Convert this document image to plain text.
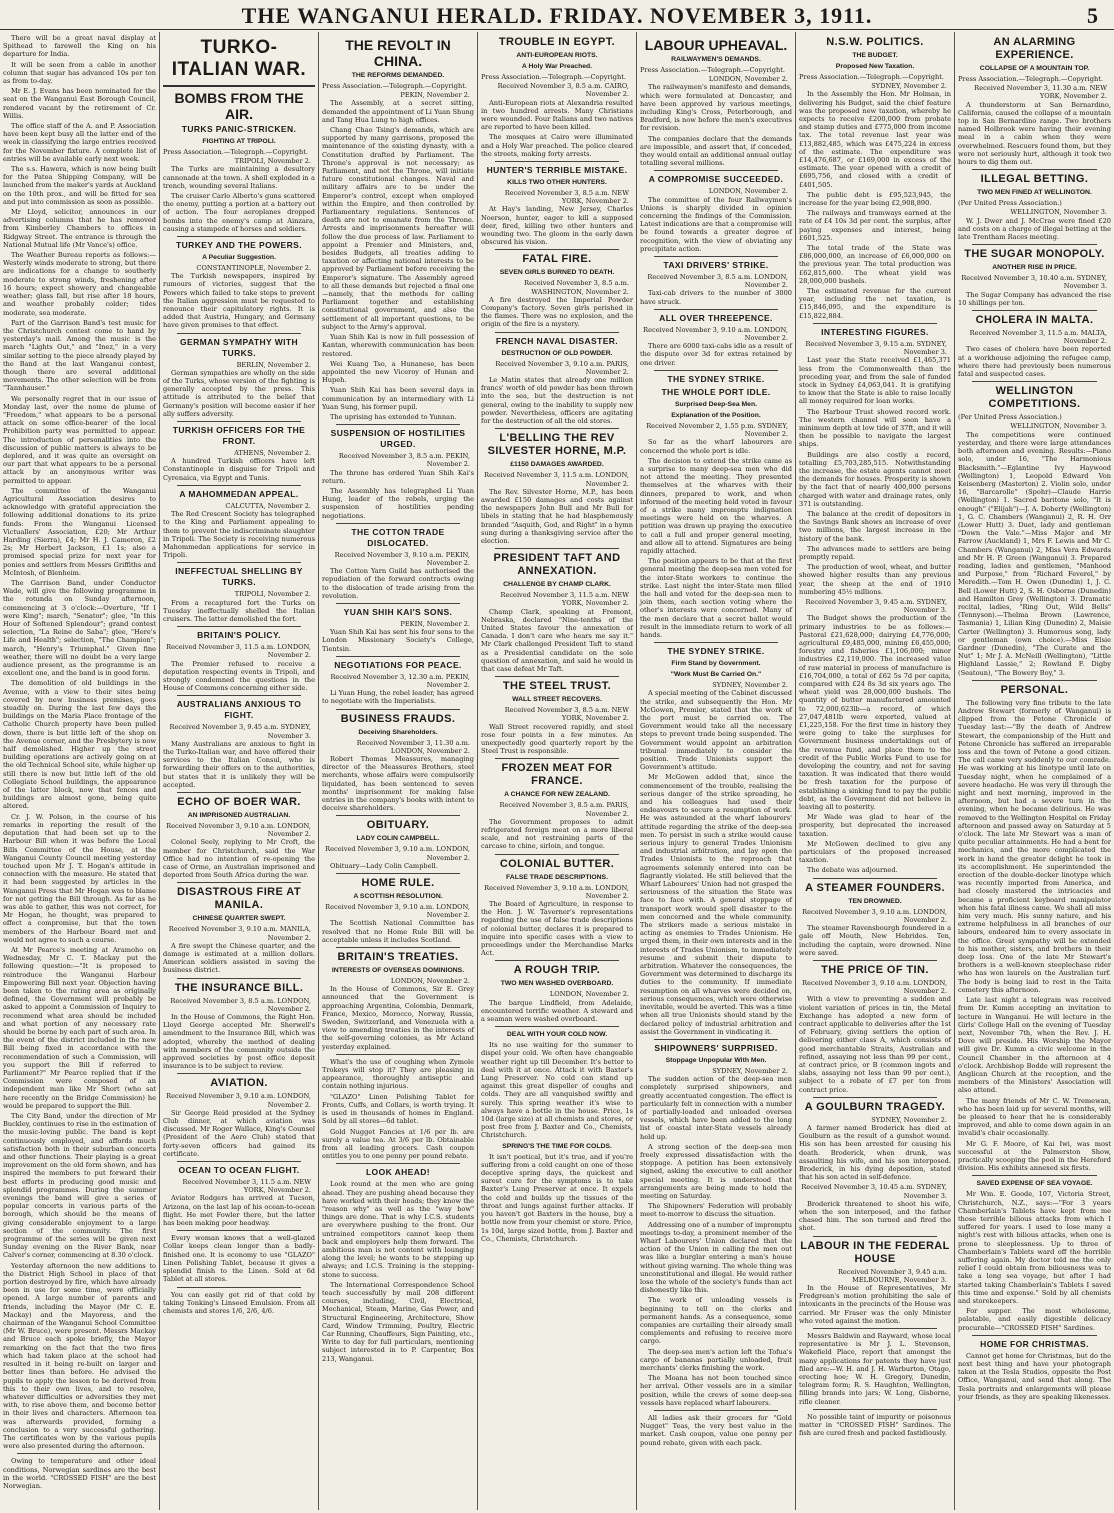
THE WANGANUI HERALD. FRIDAY. NOVEMBER 3, 1911.	5

There will be a great naval display at Spithead to farewell the King on his departure for India.

It will be seen from a cable in another column that sugar has advanced 10s per ton as from to-day.

Mr E. J. Evans has been nominated for the seat on the Wanganui East Borough Council, rendered vacant by the retirement of Cr. Willis.

The office staff of the A. and P. Association have been kept busy all the latter end of the week in classifying the large entries received for the November fixture. A complete list of entries will be available early next week.

The s.s. Hawera, which is now being built for the Patea Shipping Company, will be launched from the maker's yards at Auckland on the 10th prox., and will be fitted for sea and put into commission as soon as possible.

Mr Lloyd, solicitor, announces in our advertising columns that he has removed from Kimberley Chambers to offices in Ridgway Street. The entrance is through the National Mutual life (Mr Vance's) office.

The Weather Bureau reports as follows:—Westerly winds moderate to strong, but there are indications for a change to southerly moderate to strong winds, freshening after 16 hours; expect showery and changeable weather; glass fall, but rise after 18 hours, and weather probably colder; tides moderate, sea moderate.

Part of the Garrison Band's test music for the Christchurch contest come to hand by yesterday's mail. Among the music is the march "Lights Out," and "Inez," in a very similar setting to the piece already played by the Band at the last Wanganui contest, though there are several additional movements. The other selection will be from "Tannhauser."

We personally regret that in our issue of Monday last, over the nome de plume of "Freedom," what appears to be a personal attack on some office-bearer of the local Prohibition party was permitted to appear. The introduction of personalities into the discussion of public matters is always to be deplored, and it was quite an oversight on our part that what appears to be a personal attack by an anonymous writer was permitted to appear.

The committee of the Wanganui Agricultural Association desires to acknowledge with grateful appreciation the following additional donations to its prize funds: From the Wanganui Licensed Victuallers' Association, £20; Mr Arthur Harding (Sierra), £4; Mr H. J. Cameron, £2 2s; Mr Herbert Jackson, £1 1s; also a promised special prize for next year for ponies and settlers from Messrs Griffiths and McIntosh, of Blenheim.

The Garrison Band, under Conductor Wade, will give the following programme in the rotunda on Sunday afternoon, commencing at 3 o'clock:—Overture, "If I were King"; march, "Senator"; glee, "In this Hour of Softened Splendour"; grand contest selection, "La Reine de Saba"; glee, "Here's Life and Health"; selection, "The Champion"; march, "Henry's Triumphal." Given fine weather, there will no doubt be a very large audience present, as the programme is an excellent one, and the band is in good form.

The demolition of old buildings in the Avenue, with a view to their sites being covered by new business premises, goes steadily on. During the last few days the buildings on the Maria Place frontage of the Catholic Church property have been pulled down, there is but little left of the shop on the Avenue corner, and the Presbytery is now half demolished. Higher up the street building operations are actively going on at the old Technical School site, while higher up still there is now but little left of the old Collegiate School buildings, the appearance of the latter block, now that fences and buildings are almost gone, being quite altered.

Cr. J. W. Polson, in the course of his remarks in reporting the result of the deputation that had been set up to the Harbour Bill when it was before the Local Bills Committee of the House, at the Wanganui County Council meeting yesterday touched upon Mr J. T. Hogan's attitude in connection with the measure. He stated that it had been suggested by articles in the Wanganui Press that Mr Hogan was to blame for not getting the Bill through. As far as he was able to gather, this was not correct, for Mr Hogan, he thought, was prepared to effect a compromise, but that the town members of the Harbour Board met and would not agree to such a course.

At Mr Pearce's meeting at Aramoho on Wednesday, Mr C. T. Mackay put the following question:—"It is proposed to reintroduce the Wanganui Harbour Empowering Bill next year. Objection having been taken to the rating area as originally defined, the Government will probably be asked to appoint a Commission of Inquiry to recommend what area should be included and what portion of any necessary rate should be borne by each part of such area. In the event of the district included in the new Bill being fixed in accordance with the recommendation of such a Commission, will you support the Bill if referred to Parliament?" Mr Pearce replied that if the Commission were composed of an independent man like Mr Short (who sat here recently on the Bridge Commission) he would be prepared to support the Bill.

The City Band, under the direction of Mr Buckley, continues to rise in the estimation of the music-loving public. The band is kept continuously employed, and affords much satisfaction both in their suburban concerts and other functions. Their playing is a great improvement on the old form shown, and has inspired the members to put forward their best efforts in producing good music and splendid programmes. During the summer evenings the band will give a series of popular concerts in various parts of the borough, which should be the means of giving considerable enjoyment to a large section of the community. The first programme of the series will be given next Sunday evening on the River Bank, near Calver's corner, commencing at 8.30 o'clock.

Yesterday afternoon the new additions to the District High School in place of that portion destroyed by fire, which have already been in use for some time, were officially opened. A large number of parents and friends, including the Mayor (Mr C. E. Mackay) and the Mayoress, and the chairman of the Wanganui School Committee (Mr W. Bruce), were present. Messrs Mackay and Bruce each spoke briefly, the Mayor remarking on the fact that the two fires which had taken place at the school had resulted in it being re-built on larger and better lines than before. He advised the pupils to apply the lesson to be derived from this to their own lives, and to resolve, whatever difficulties or adversities they met with, to rise above them, and become better in their lives and characters. Afternoon tea was afterwards provided, forming a conclusion to a very successful gathering. The certificates won by the various pupils were also presented during the afternoon.

Owing to temperature and other ideal conditions, Norwegian sardines are the best in the world. "CROSSED FISH" are the best Norwegian.

TURKO-ITALIAN WAR.
BOMBS FROM THE AIR.
TURKS PANIC-STRICKEN.
FIGHTING AT TRIPOLI.

Press Association.—Telegraph.—Copyright.

TRIPOLI, November 2.

The Turks are maintaining a desultory cannonade at the town. A shell exploded in a trench, wounding several Italians.

The cruiser Carlo Alberto's guns scattered the enemy, putting a portion at a battery out of action. The four aeroplanes dropped bombs into the enemy's camp at Ainzara, causing a stampede of horses and soldiers.

TURKEY AND THE POWERS.
A Peculiar Suggestion.

CONSTANTINOPLE, November 2.

The Turkish newspapers, inspired by rumours of victories, suggest that the Powers which failed to take steps to prevent the Italian aggression must be requested to renounce their capitulatory rights. It is added that Austria, Hungary, and Germany have given promises to that effect.

GERMAN SYMPATHY WITH TURKS.

BERLIN, November 2.

German sympathies are wholly on the side of the Turks, whose version of the fighting is generally accepted by the press. This attitude is attributed to the belief that Germany's position will become easier if her ally suffers adversity.

TURKISH OFFICERS FOR THE FRONT.

ATHENS, November 2.

A hundred Turkish officers have left Constantinople in disguise for Tripoli and Cyrenaica, via Egypt and Tunis.

A MAHOMMEDAN APPEAL.

CALCUTTA, November 2.

The Red Crescent Society has telegraphed to the King and Parliament appealing to them to prevent the indiscriminate slaughter in Tripoli. The Society is receiving numerous Mahommedan applications for service in Tripoli.

INEFFECTUAL SHELLING BY TURKS.

TRIPOLI, November 2.

From a recaptured fort the Turks on Tuesday ineffectually shelled the Italian cruisers. The latter demolished the fort.

BRITAIN'S POLICY.

Received November 3, 11.5 a.m. LONDON, November 2.

The Premier refused to receive a deputation respecting events in Tripoli, and strongly condemned the questions in the House of Commons concerning either side.

AUSTRALIANS ANXIOUS TO FIGHT.

Received November 3, 9.45 a.m. SYDNEY, November 3.

Many Australians are anxious to fight in the Turko-Italian war, and have offered their services to the Italian Consul, who is forwarding their offers on to the authorities, but states that it is unlikely they will be accepted.

ECHO OF BOER WAR.
AN IMPRISONED AUSTRALIAN.

Received November 3, 9.10 a.m. LONDON, November 2.

Colonel Seely, replying to Mr Croft, the member for Christchurch, said the War Office had no intention of re-opening the case of Orme, an Australian imprisoned and deported from South Africa during the war.

DISASTROUS FIRE AT MANILA.
CHINESE QUARTER SWEPT.

Received November 3, 9.10 a.m. MANILA, November 2.

A fire swept the Chinese quarter, and the damage is estimated at a million dollars. American soldiers assisted in saving the business district.

THE INSURANCE BILL.

Received November 3, 8.5 a.m. LONDON, November 2.

In the House of Commons, the Right Hon. Lloyd George accepted Mr. Sherwell's amendment to the Insurance Bill, which was adopted, whereby the method of dealing with members of the community outside the approved societies by post office deposit insurance is to be subject to review.

AVIATION.

Received November 3, 9.10 a.m. LONDON, November 2.

Sir George Reid presided at the Sydney Club dinner, at which aviation was discussed. Mr Roger Wallace, King's Counsel (President of the Aero Club) stated that forty-seven officers had gained its certificate.

OCEAN TO OCEAN FLIGHT.

Received November 3, 11.5 a.m. NEW YORK, November 2.

Aviator Rodgers has arrived at Tucson, Arizona, on the last lap of his ocean-to-ocean flight. He met Fowler there, but the latter has been making poor headway.

Every woman knows that a well-glazed Collar keeps clean longer than a badly-finished one. It is economy to use "GLAZO" Linen Polishing Tablet, because it gives a splendid finish to the Linen. Sold at 6d Tablet at all stores.

You can easily get rid of that cold by taking Tonking's Linseed Emulsion. From all chemists and stores 1/6, 2/6, 4/6.

THE REVOLT IN CHINA.
THE REFORMS DEMANDED.

Press Association.—Telegraph.—Copyright.

PEKIN, November 2.

The Assembly, at a secret sitting, demanded the appointment of Li Yuan Shung and Tang Hua Lung to high offices.

Chang Chao Tsing's demands, which are supported by many garrisons, proposed the maintenance of the existing dynasty, with a Constitution drafted by Parliament. The Throne's approval is not necessary; as Parliament, and not the Throne, will initiate future constitutional changes. Naval and military affairs are to be under the Emperor's control, except when employed within the Empire, and then controlled by Parliamentary regulations. Sentences of death are not to emanate from the Throne. Arrests and imprisonments hereafter will follow the due process of law. Parliament to appoint a Premier and Ministers, and, besides Budgets, all treaties adding to taxation or affecting national interests to be approved by Parliament before receiving the Emperor's signature. The Assembly agreed to all these demands but rejected a final one—namely, that the methods for calling Parliament together and establishing constitutional government, and also the settlement of all important questions, to be subject to the Army's approval.

Yuan Shih Kai is now in full possession of Kantan, wherewith communication has been restored.

Wei Kuang Tso, a Hunanese, has been appointed the new Viceroy of Hunan and Hupeh.

Yuan Shih Kai has been several days in communication by an intermediary with Li Yuan Sung, his former pupil.

The uprising has extended to Yunnan.

SUSPENSION OF HOSTILITIES URGED.

Received November 3, 8.5 a.m. PEKIN, November 2.

The throne has ordered Yuan Shih Kai's return.

The Assembly has telegraphed Li Yuan Hung, leader of the rebels, urging the suspension of hostilities pending negotiations.

THE COTTON TRADE DISLOCATED.

Received November 3, 9.10 a.m. PEKIN, November 2.

The Cotton Yarn Guild has authorised the repudiation of the forward contracts owing to the dislocation of trade arising from the revolution.

YUAN SHIH KAI'S SONS.

PEKIN, November 2.

Yuan Shih Kai has sent his four sons to the London Missionary Society's College, Tientsin.

NEGOTIATIONS FOR PEACE.

Received November 3, 12.30 a.m. PEKIN, November 2.

Li Yuan Hung, the rebel leader, has agreed to negotiate with the Imperialists.

BUSINESS FRAUDS.
Deceiving Shareholders.

Received November 3, 11.30 a.m. LONDON, November 2.

Robert Thomas Meassures, managing director of the Meassures Brothers, steel merchants, whose affairs were compulsorily liquidated, has been sentenced to seven months' imprisonment for making false entries in the company's books with intent to deceive shareholders.

OBITUARY.
LADY COLIN CAMPBELL.

Received November 3, 9.10 a.m. LONDON, November 2.

Obituary—Lady Colin Campbell.

HOME RULE.
A SCOTTISH RESOLUTION.

Received November 3, 9.10 a.m. LONDON, November 2.

The Scottish National Committee has resolved that no Home Rule Bill will be acceptable unless it includes Scotland.

BRITAIN'S TREATIES.
INTERESTS OF OVERSEAS DOMINIONS.

LONDON, November 2.

In the House of Commons, Sir E. Grey announced that the Government is approaching Argentina, Colombia, Denmark, France, Mexico, Morocco, Norway, Russia, Sweden, Switzerland, and Venezuela with a view to amending treaties in the interests of the self-governing colonies, as Mr Acland yesterday explained.

What's the use of coughing when Zymole Trokeys will stop it? They are pleasing in appearance, thoroughly antiseptic and contain nothing injurious.

"GLAZO" Linen Polishing Tablet for Fronts, Cuffs, and Collars, is worth trying. It is used in thousands of homes in England. Sold by all stores—6d tablet.

Gold Nugget Fancies at 1/6 per lb. are surely a value tea. At 3/6 per lb. Obtainable from all leading grocers. Cash coupon entitles you to one penny per pound rebate.

LOOK AHEAD!

Look round at the men who are going ahead. They are pushing ahead because they have worked with their heads; they know the "reason why" as well as the "way how" things are done. That is why I.C.S. students are everywhere pushing to the front. Our untrained competitors cannot keep them back and employers help them forward. The ambitious man is not content with lounging along the level; he wants to be stepping up always; and I.C.S. Training is the stepping-stone to success.

The International Correspondence School teach successfully by mail 208 different courses, including, Civil, Electrical, Mechanical, Steam, Marine, Gas Power, and Structural Engineering, Architecture, Show Card, Window Trimming, Poultry, Electric Car Running, Chauffeurs, Sign Painting, etc., Write to day for full particulars, mentioning subject interested in to P. Carpenter, Box 213, Wanganui.

TROUBLE IN EGYPT.
ANTI-EUROPEAN RIOTS.
A Holy War Preached.

Press Association.—Telegraph.—Copyright.

Received November 3, 8.5 a.m. CAIRO, November 2.

Anti-European riots at Alexandria resulted in two hundred arrests. Many Christians were wounded. Four Italians and two natives are reported to have been killed.

The mosques at Cairo were illuminated and a Holy War preached. The police cleared the streets, making forty arrests.

HUNTER'S TERRIBLE MISTAKE.
KILLS TWO OTHER HUNTERS.

Received November 3, 8.5 a.m. NEW YORK, November 2.

At Hay's landing, New Jersey, Charles Noerson, hunter, eager to kill a supposed deer, fired, killing two other hunters and wounding two. The gloom in the early dawn obscured his vision.

FATAL FIRE.
SEVEN GIRLS BURNED TO DEATH.

Received November 3, 8.5 a.m. WASHINGTON, November 2.

A fire destroyed the Imperial Powder Company's factory. Seven girls perished in the flames. There was no explosion, and the origin of the fire is a mystery.

FRENCH NAVAL DISASTER.
DESTRUCTION OF OLD POWDER.

Received November 3, 9.10 a.m. PARIS, November 2.

Le Matin states that already one million francs' worth of old powder has been thrown into the sea, but the destruction is not general, owing to the inability to supply new powder. Nevertheless, officers are agitating for the destruction of all the old stores.

L'BELLING THE REV SILVESTER HORNE, M.P.
£1150 DAMAGES AWARDED.

Received November 3, 11.5 a.m. LONDON, November 2.

The Rev. Silvester Horne, M.P., has been awarded £150 damages and costs against the newspapers John Bull and Mr Bull for libels in stating that he had blasphemously branded "Asquith, God, and Right" in a hymn sung during a thanksgiving service after the election.

PRESIDENT TAFT AND ANNEXATION.
CHALLENGE BY CHAMP CLARK.

Received November 3, 11.5 a.m. NEW YORK, November 2.

Champ Clark, speaking at Fremont, Nebraska, declared "Nine-tenths of the United States favour the annexation of Canada. I don't care who hears me say it." Mr Clark challenged President Taft to stand as a Presidential candidate on the sole question of annexation, and said he would in that case defeat Mr Taft.

THE STEEL TRUST.
WALL STREET RECOVERS.

Received November 3, 8.5 a.m. NEW YORK, November 2.

Wall Street recovered rapidly, and steel rose four points in a few minutes. An unexpectedly good quarterly report by the Steel Trust is responsible.

FROZEN MEAT FOR FRANCE.
A CHANCE FOR NEW ZEALAND.

Received November 3, 8.5 a.m. PARIS, November 2.

The Government proposes to admit refrigerated foreign meat on a more liberal scale, and not restraining parts of the carcase to chine, sirloin, and tongue.

COLONIAL BUTTER.
FALSE TRADE DESCRIPTIONS.

Received November 3, 9.10 a.m. LONDON, November 2.

The Board of Agriculture, in response to the Hon. J. W. Taverner's representations regarding the use of false trade descriptions of colonial butter, declares it is prepared to inquire into specific cases with a view to proceedings under the Merchandise Marks Act.

A ROUGH TRIP.
TWO MEN WASHED OVERBOARD.

LONDON, November 2.

The barque Lindfield, from Adelaide, encountered terrific weather. A steward and a seaman were washed overboard.

DEAL WITH YOUR COLD NOW.

Its no use waiting for the summer to dispel your cold. We often have changeable weather right up till December. It's better to deal with it at once. Attack it with Baxter's Lung Preserver. No cold can stand up against this great dispeller of coughs and colds. They are all vanquished swiftly and surely. This spring weather it's wise to always have a bottle in the house. Price, 1s 10d (large size) at all chemists and stores, or post free from J. Baxter and Co., Chemists, Christchurch.

SPRING'S THE TIME FOR COLDS.

It isn't poetical, but it's true, and if you're suffering from a cold caught on one of those deceptive spring days, the quickest and surest cure for the symptoms is to take Baxter's Lung Preserver at once. It expels the cold and builds up the tissues of the throat and lungs against further attacks. If you haven't got Baxters in the house, buy a bottle now from your chemist or store. Price, 1s 10d, large sized bottle, from J. Baxter and Co., Chemists, Christchurch.

LABOUR UPHEAVAL.
RAILWAYMEN'S DEMANDS.

Press Association.—Telegraph.—Copyright.

LONDON, November 2.

The railwaymen's manifesto and demands, which were formulated at Doncaster, and have been approved by various meetings, including King's Cross, Peterborough, and Bradford, is now before the men's executives for revision.

The companies declare that the demands are impossible, and assert that, if conceded, they would entail an additional annual outlay totalling several millions.

A COMPROMISE SUCCEEDED.

LONDON, November 2.

The committee of the four Railwaymen's Unions is sharply divided in opinion concerning the findings of the Commission. Latest indications are that a compromise will be found towards a greater degree of recognition, with the view of obviating any precipitate action.

TAXI DRIVERS' STRIKE.

Received November 3, 8.5 a.m. LONDON, November 2.

Taxi-cab drivers to the number of 3000 have struck.

ALL OVER THREEPENCE.

Received November 3, 9.10 a.m. LONDON, November 2.

There are 6000 taxi-cabs idle as a result of the dispute over 3d for extras retained by one driver.

THE SYDNEY STRIKE.
THE WHOLE PORT IDLE.
Surprised Deep-Sea Men.
Explanation of the Position.

Received November 2, 1.55 p.m. SYDNEY, November 2.

So far as the wharf labourers are concerned the whole port is idle.

The decision to extend the strike came as a surprise to many deep-sea men who did not attend the meeting. They presented themselves at the wharves with their dinners, prepared to work, and when informed of the meeting held voted in favour of a strike many impromptu indignation meetings were held on the wharves. A petition was drawn up praying the executive to call a full and proper general meeting, and allow all to attend. Signatures are being rapidly attached.

The position appears to be that at the first general meeting the deep-sea men voted for the inter-State workers to continue the strike. Last night the inter-State men filled the hall and voted for the deep-sea men to join them, each section voting where the other's interests were concerned. Many of the men declare that a secret ballot would result in the immediate return to work of all hands.

THE SYDNEY STRIKE.
Firm Stand by Government.
"Work Must Be Carried On."

SYDNEY, November 2.

A special meeting of the Cabinet discussed the strike, and subsequently the Hon. Mr McGowen, Premier, stated that the work of the port must be carried on. The Government would take all the necessary steps to prevent trade being suspended. The Government would appoint an arbitration tribunal immediately to consider the position. Trade Unionists support the Government's attitude.

Mr McGowen added that, since the commencement of the trouble, realising the serious danger of the strike spreading, he and his colleagues had used their endeavours to secure a resumption of work. He was astounded at the wharf labourers' attitude regarding the strike of the deep-sea men. To persist in such a strike would cause serious injury to general Trades Unionism and industrial arbitration, and lay open the Trades Unionists to the reproach that agreements solemnly entered into can be flagrantly violated. He still believed that the Wharf Labourers' Union had not grasped the seriousness of the situation the State was face to face with. A general stoppage of transport work would spell disaster to the men concerned and the whole community. The strikers made a serious mistake in acting as enemies to Trades Unionism. He urged them, in their own interests and in the interests of Trades Unionism, to immediately resume and submit their dispute to arbitration. Whatever the consequences, the Government was determined to discharge its duties to the community. If immediate resumption on all wharves were decided on, serious consequences, which were otherwise inevitable, would be averted. This was a time when all true Unionists should stand by the declared policy of industrial arbitration and assist the Government in vindicating it.

SHIPOWNERS' SURPRISED.
Stoppage Unpopular With Men.

SYDNEY, November 2.

The sudden action of the deep-sea men completely surprised shipowners, and greatly accentuated congestion. The effect is particularly felt in connection with a number of partially-loaded and unloaded oversea vessels, which have been added to the long list of coastal inter-State vessels already held up.

A strong section of the deep-sea men freely expressed dissatisfaction with the stoppage. A petition has been extensively signed, asking the executive to call another special meeting. It is understood that arrangements are being made to hold the meeting on Saturday.

The Shipowners' Federation will probably meet to-morrow to discuss the situation.

Addressing one of a number of impromptu meetings to-day, a prominent member of the Wharf Labourers' Union declared that the action of the Union in calling the men out was like a burglar entering a man's house without giving warning. The whole thing was unconstitutional and illegal. He would rather lose the whole of the society's funds than act dishonestly like this.

The work of unloading vessels is beginning to tell on the clerks and permanent hands. As a consequence, some companies are curtailing their already small complements and refusing to receive more cargo.

The deep-sea men's action left the Tofua's cargo of bananas partially unloaded, fruit merchants' clerks finishing the work.

The Moana has not been touched since her arrival. Other vessels are in a similar position, while the crews of some deep-sea vessels have replaced wharf labourers.

All ladies ask their grocers for "Gold Nugget" Teas, the very best value in the market. Cash coupon, value one penny per pound rebate, given with each pack.

N.S.W. POLITICS.
THE BUDGET.
Proposed New Taxation.

Press Association.—Telegraph.—Copyright.

SYDNEY, November 2.

In the Assembly the Hon. Mr Holman, in delivering his Budget, said the chief feature was the proposed new taxation, whereby he expects to receive £200,000 from probate and stamp duties and £775,000 from income tax. The total revenue last year was £13,882,485, which was £475,224 in excess of the estimate. The expenditure was £14,476,687, or £169,000 in excess of the estimate. The year opened with a credit of £695,756, and closed with a credit of £401,505.

The public debt is £95,523,945, the increase for the year being £2,908,890.

The railways and tramways earned at the rate of £4 10s 3d per cent. the surplus, after paying expenses and interest, being £601,525.

The total trade of the State was £86,000,000, an increase of £6,000,000 on the previous year. The total production was £62,815,600. The wheat yield was 28,000,000 bushels.

The estimated revenue for the current year, including the net taxation, is £15,846,095, and the expenditure is £15,822,884.

INTERESTING FIGURES.

Received November 3, 9.15 a.m. SYDNEY, November 3.

Last year the State received £1,465,371 less from the Commonwealth than the preceding year, and from the sale of funded stock in Sydney £4,063,041. It is gratifying to know that the State is able to raise locally all money required for loan works.

The Harbour Trust showed record work. The western channel will soon have a minimum depth at low tide of 37ft, and it will then be possible to navigate the largest ships.

Buildings are also costly a record, totalling £5,703,285,515. Notwithstanding the increase, the estate agents cannot meet the demands for houses. Prosperity is shown by the fact that of nearly 400,000 persons charged with water and drainage rates, only 371 is outstanding.

The balance at the credit of depositors in the Savings Bank shows an increase of over two millions, the largest increase in the history of the bank.

The advances made to settlers are being promptly repaid.

The production of wool, wheat, and butter showed higher results than any previous year, the sheep at the end of 1910 numbering 45½ millions.

Received November 3, 9.45 a.m. SYDNEY, November 3.

The Budget shows the production of the primary industries to be as follows:—Pastoral £21,628,000; dairying £4,776,000; agricultural £9,485,000, mining £6,455,000; forestry and fisheries £1,106,000; minor industries £2,119,000. The increased value of raw material in process of manufacture is £16,704,000, a total of £62 5s 7d per capita, compared with £24 8s 3d six years ago. The wheat yield was 28,000,000 bushels. The quantity of butter manufactured amounted to 72,000,623lb—a record, of which 27,047,481lb were exported, valued at £1,225,158. For the first time in history they were going to take the surpluses for Government business undertakings out of the revenue fund, and place them to the credit of the Public Works Fund to use for developing the country, and not for saving taxation. It was indicated that there would be fresh taxation for the purpose of establishing a sinking fund to pay the public debt, as the Government did not believe in leaving all to posterity.

Mr Wade was glad to hear of the prosperity, but deprecated the increased taxation.

Mr McGowen declined to give any particulars of the proposed increased taxation.

The debate was adjourned.

A STEAMER FOUNDERS.
TEN DROWNED.

Received November 3, 9.10 a.m. LONDON, November 2.

The steamer Ravensbourgh foundered in a gale off Mouth, New Hebrides. Ten, including the captain, were drowned. Nine were saved.

THE PRICE OF TIN.

Received November 3, 9.10 a.m. LONDON, November 2.

With a view to preventing a sudden and violent variation of prices in tin, the Metal Exchange has adopted a new form of contract applicable to deliveries after the 1st of February, giving settlers the option of delivering either class A, which consists of good merchantable Straits, Australian and refined, assaying not less than 99 per cent., at contract price, or B (common ingots and slabs, assaying not less than 99 per cent.), subject to a rebate of £7 per ton from contract price.

A GOULBURN TRAGEDY.

SYDNEY, November 2.

A farmer named Broderick has died at Goulburn as the result of a gunshot wound. His son has been arrested for causing his death. Broderick, when drunk, was assaulting his wife, and his son interposed. Broderick, in his dying deposition, stated that his son acted in self-defence.

Received November 3, 10.45 a.m. SYDNEY, November 3.

Broderick threatened to shoot his wife, when the son interposed, and the father chased him. The son turned and fired the shot.

LABOUR IN THE FEDERAL HOUSE

Received November 3, 9.45 a.m. MELBOURNE, November 3.

In the House of Representatives, Mr Fredgrean's motion prohibiting the sale of intoxicants in the precincts of the House was carried. Mr Fraser was the only Minister who voted against the motion.

Messrs Baldwin and Rayward, whose local representative is Mr J. L. Stevenson, Wakefield Place, report that amongst the many applications for patents they have just filed are:—W. H. and J. H. Warburton, Otago, erecting hoe; W. H. Gregory, Dunedin, telegram form; R. S. Haughton, Wellington, filling brands into jars; W. Long, Gisborne, rifle cleaner.

No possible taint of impurity or poisonous matter in "CROSSED FISH" Sardines. The fish are cured fresh and packed fastidiously.

AN ALARMING EXPERIENCE.
COLLAPSE OF A MOUNTAIN TOP.

Press Association.—Telegraph.—Copyright.

Received November 3, 11.30 a.m. NEW YORK, November 2.

A thunderstorm at San Bernardino, California, caused the collapse of a mountain top in San Bernardino range. Two brothers named Holbrook were having their evening meal in a cabin when they were overwhelmed. Rescuers found them, but they were not seriously hurt, although it took two hours to dig them out.

ILLEGAL BETTING.
TWO MEN FINED AT WELLINGTON.

(Per United Press Association.)

WELLINGTON, November 3.

W. J. Dwer and J. McCrae were fined £20 and costs on a charge of illegal betting at the late Trentham Races meeting.

THE SUGAR MONOPOLY.
ANOTHER RISE IN PRICE.

Received November 3, 10.40 a.m. SYDNEY, November 3.

The Sugar Company has advanced the rise 10 shillings per ton.

CHOLERA IN MALTA.

Received November 3, 11.5 a.m. MALTA, November 2.

Two cases of cholera have been reported at a workhouse adjoining the refugee camp, where there had previously been numerous fatal and suspected cases.

WELLINGTON COMPETITIONS.

(Per United Press Association.)

WELLINGTON, November 3.

The competitions were continued yesterday, and there were large attendances both afternoon and evening. Results:—Piano solo, under 16, "The Harmonious Blacksmith."—Eglantine Ivy Haywood (Wellington) 1, Leopold Edward Von Keisenberg (Masterton) 2. Violin solo, under 16, "Barcarolle" (Spohr)—Claude Harrie (Wellington) 1. Sacred baritone solo, "It is enough" ("Elijah")—J. A. Doherty (Wellington) 1, G. C. Chambers (Wanganui) 2, R. H. Orr (Lower Hutt) 3. Duet, lady and gentleman "Down the Vale."—Miss Major and Mr Farrow (Auckland) 1, Mrs F. Lewis and Mr C. Chambers (Wanganui) 2, Miss Vera Edwards and Mr H. P. Green (Wanganui) 3. Prepared reading, ladies and gentlemen, "Manhood and Purpose," from "Richard Feverel," by Meredith.—Tom H. Owen (Dunedin) 1, J. C. Bell (Lower Hutt) 2, S. H. Osborne (Dunedin) and Hamilton Grey (Wellington) 3. Dramatic recital, ladies, "Ring Out, Wild Bells" (Tennyson).—Thelma Brown (Lawrence, Tasmania) 1, Lilian King (Dunedin) 2, Maisie Carter (Wellington) 3. Humorous song, lady or gentleman (own choice).—Miss Elsie Gardner (Dunedin), "The Curate and the Nut" 1; Mr J. A. McNeill (Wellington), "Little Highland Lassie," 2; Rowland F. Digby (Seatoun), "The Bowery Boy," 3.

PERSONAL.

The following very fine tribute to the late Andrew Stewart (formerly of Wanganui) is clipped from the Petone Chronicle of Tuesday last:—"By the death of Andrew Stewart, the companionship of the Hutt and Petone Chronicle has suffered an irreparable loss and the town of Petone a good citizen. The call came very suddenly to our comrade. He was working at his linotype until late on Tuesday night, when he complained of a severe headache. He was very ill through the night and next morning, improved in the afternoon, but had a severe turn in the evening, when he became delirious. He was removed to the Wellington Hospital on Friday afternoon and passed away on Saturday at 5 o'clock. The late Mr Stewart was a man of quite peculiar attainments. He had a bent for mechanics, and the more complicated the work in hand the greater delight he took in its accomplishment. He superintended the erection of the double-decker linotype which was recently imported from America, and had closely mastered the intricacies and became a proficient keyboard manipulator when his fatal illness came. We shall all miss him very much. His sunny nature, and his extreme helpfulness in all branches of our labours, endeared him to every associate in the office. Great sympathy will be extended to his mother, sisters, and brothers in their deep loss. One of the late Mr Stewart's brothers is a well-known steeplechase rider who has won laurels on the Australian turf. The body is being laid to rest in the Taita cemetery this afternoon.

Late last night a telegram was received from Dr. Kumm accepting an invitation to lecture in Wanganui. He will lecture in the Girls' College Hall on the evening of Tuesday next, November 7th, when the Rev. J. H. Dove will preside. His Worship the Mayor will give Dr. Kumm a civic welcome in the Council Chamber in the afternoon at 4 o'clock. Archbishop Bodde will represent the Anglican Church at the reception, and the members of the Ministers' Association will also attend.

The many friends of Mr C. W. Tremewan, who has been laid up for several months, will be pleased to hear that he is considerably improved, and able to come down again in an invalid's chair occasionally.

Mr G. F. Moore, of Kai Iwi, was most successful at the Palmerston Show, practically scooping the pool in the Hereford division. His exhibits annexed six firsts.

SAVED EXPENSE OF SEA VOYAGE.

Mr Wm. E. Goode, 107, Victoria Street, Christchurch, N.Z., says:—"For 3 years Chamberlain's Tablets have kept from me those terrible bilious attacks from which I suffered for years. I used to lose many a night's rest with bilious attacks, when one is prone to sleeplessness. Up to three of Chamberlain's Tablets ward off the horrible suffering again. My doctor told me the only relief I could obtain from biliousness was to take a long sea voyage, but after I had started taking Chamberlain's Tablets I saved this time and expense." Sold by all chemists and storekeepers.

For supper. The most wholesome, palatable, and easily digestible delicacy procurable—"CROSSED FISH" Sardines.

HOME FOR CHRISTMAS.

Cannot get home for Christmas, but do the next best thing and have your photograph taken at the Tesla Studios, opposite the Post Office, Wanganui, and send that along. The Tesla portraits and enlargements will please your friends, as they are speaking likenesses.
